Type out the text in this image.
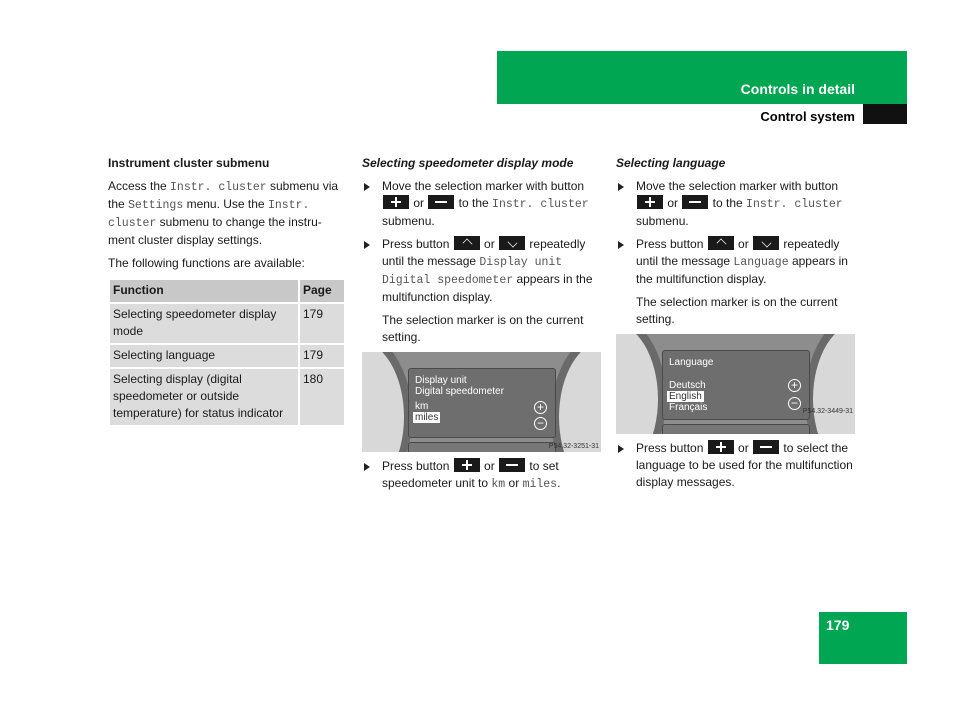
Controls in detail
Control system
Instrument cluster submenu

Access the Instr. cluster submenu via the Settings menu. Use the Instr. cluster submenu to change the instru-ment cluster display settings.

The following functions are available:

Function	Page
Selecting speedometer display mode	179
Selecting language	179
Selecting display (digital speedometer or outside temperature) for status indicator	180
Selecting speedometer display mode
Move the selection marker with button  or  to the Instr. cluster submenu.
Press button  or  repeatedly until the message Display unit Digital speedometer appears in the multifunction display.
The selection marker is on the current setting.
Display unit
Digital speedometer
km
miles
+
−
P54.32-3251-31
Press button  or  to set speedometer unit to km or miles.
Selecting language
Move the selection marker with button  or  to the Instr. cluster submenu.
Press button  or  repeatedly until the message Language appears in the multifunction display.
The selection marker is on the current setting.
Language
Deutsch
English
Français
+
−
P54.32-3449-31
Press button  or  to select the language to be used for the multifunction display messages.
179
